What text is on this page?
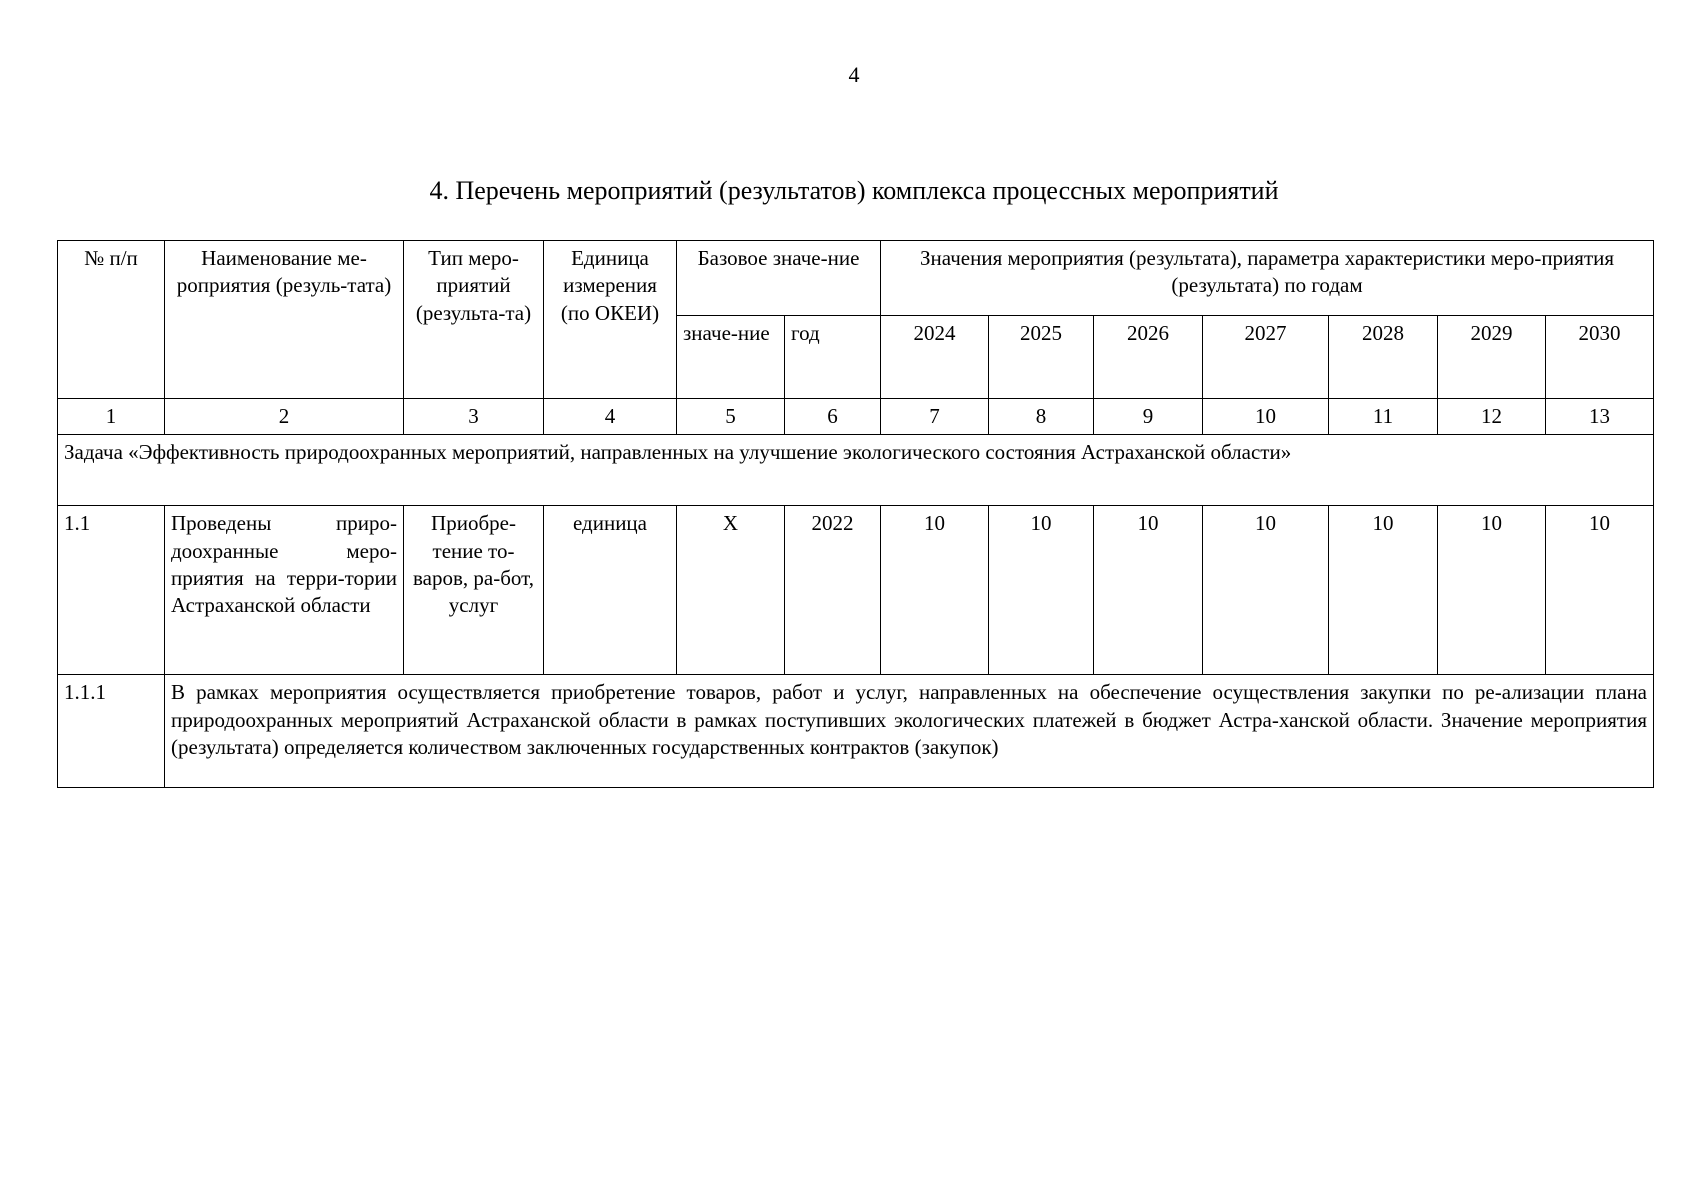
4
4. Перечень мероприятий (результатов) комплекса процессных мероприятий
№ п/п	Наименование ме-роприятия (резуль-тата)	Тип меро-приятий (результа-та)	Единица измерения (по ОКЕИ)	Базовое значе-ние		Значения мероприятия (результата), параметра характеристики меро-приятия (результата) по годам						
				значе-ние	год	2024	2025	2026	2027	2028	2029	2030
1	2	3	4	5	6	7	8	9	10	11	12	13
Задача «Эффективность природоохранных мероприятий, направленных на улучшение экологического состояния Астраханской области»												
1.1	Проведены приро-доохранные меро-приятия на терри-тории Астраханской области	Приобре-тение то-варов, ра-бот, услуг	единица	Х	2022	10	10	10	10	10	10	10
1.1.1	В рамках мероприятия осуществляется приобретение товаров, работ и услуг, направленных на обеспечение осуществления закупки по ре-ализации плана природоохранных мероприятий Астраханской области в рамках поступивших экологических платежей в бюджет Астра-ханской области. Значение мероприятия (результата) определяется количеством заключенных государственных контрактов (закупок)											
